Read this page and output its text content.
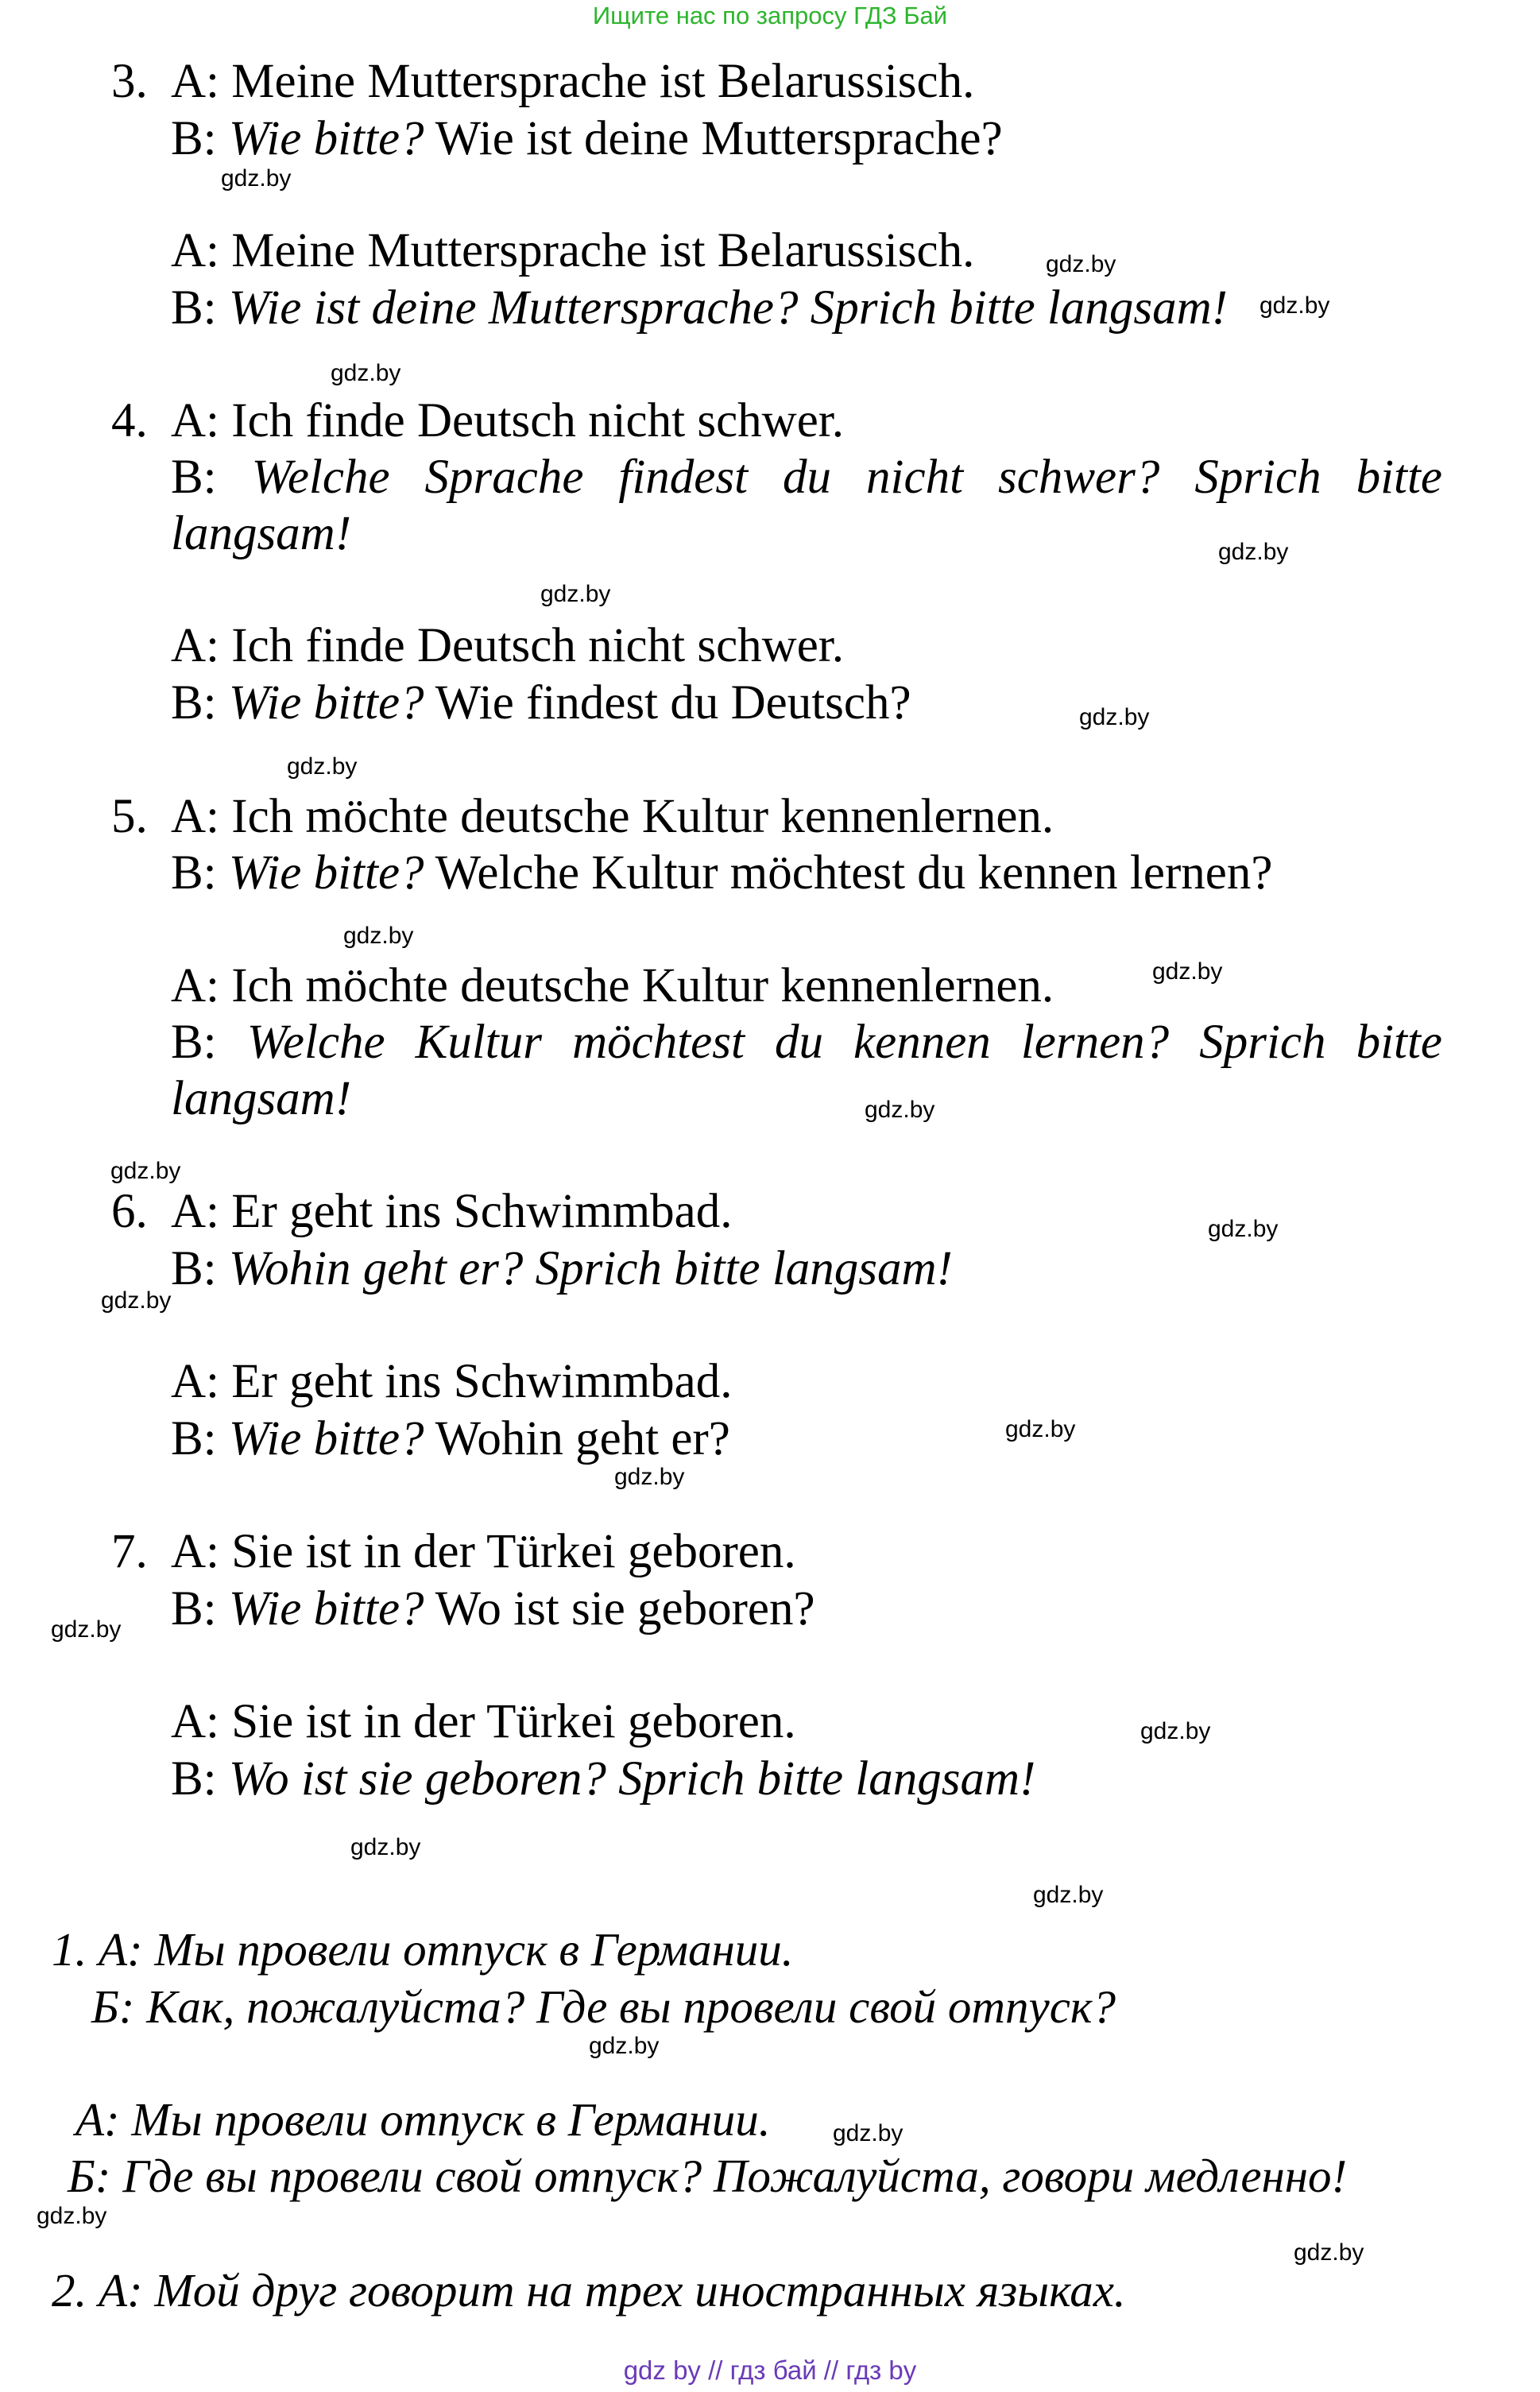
Ищите нас по запросу ГДЗ Бай
3. A: Meine Muttersprache ist Belarussisch.
B: Wie bitte? Wie ist deine Muttersprache?
gdz.by
A: Meine Muttersprache ist Belarussisch.	gdz.by
B: Wie ist deine Muttersprache? Sprich bitte langsam! gdz.by
gdz.by
4. A: Ich finde Deutsch nicht schwer.
B: Welche Sprache findest du nicht schwer? Sprich bitte
langsam!	gdz.by
gdz.by
A: Ich finde Deutsch nicht schwer.
B: Wie bitte? Wie findest du Deutsch?	gdz.by
gdz.by
5. A: Ich möchte deutsche Kultur kennenlernen.
B: Wie bitte? Welche Kultur möchtest du kennen lernen?
gdz.by
A: Ich möchte deutsche Kultur kennenlernen.	gdz.by
B: Welche Kultur möchtest du kennen lernen? Sprich bitte
langsam!	gdz.by
gdz.by
6. A: Er geht ins Schwimmbad.	gdz.by
B: Wohin geht er? Sprich bitte langsam!
gdz.by
A: Er geht ins Schwimmbad.
B: Wie bitte? Wohin geht er?	gdz.by
gdz.by
7. A: Sie ist in der Türkei geboren.
B: Wie bitte? Wo ist sie geboren?
gdz.by
A: Sie ist in der Türkei geboren.	gdz.by
B: Wo ist sie geboren? Sprich bitte langsam!
gdz.by
gdz.by
1. А: Мы провели отпуск в Германии.
Б: Как, пожалуйста? Где вы провели свой отпуск?
gdz.by
А: Мы провели отпуск в Германии.	gdz.by
Б: Где вы провели свой отпуск? Пожалуйста, говори медленно!
gdz.by
gdz.by
2. А: Мой друг говорит на трех иностранных языках.
gdz by // гдз бай // гдз by
